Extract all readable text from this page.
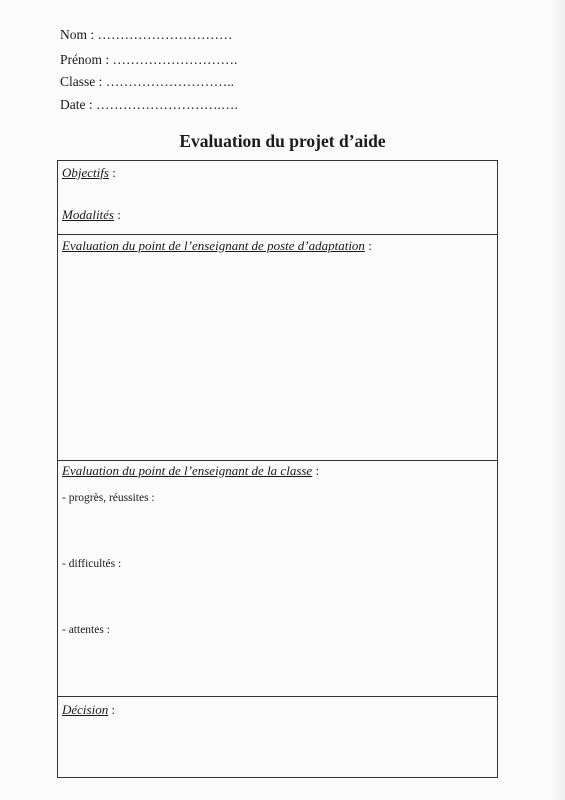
Nom : …………………………
Prénom : ……………………….
Classe : ………………………..
Date : ……………………….….
Evaluation du projet d’aide
Objectifs :
Modalités :
Evaluation du point de l’enseignant de poste d’adaptation :
Evaluation du point de l’enseignant de la classe :
- progrès, réussites :
- difficultés :
- attentes :
Décision :
